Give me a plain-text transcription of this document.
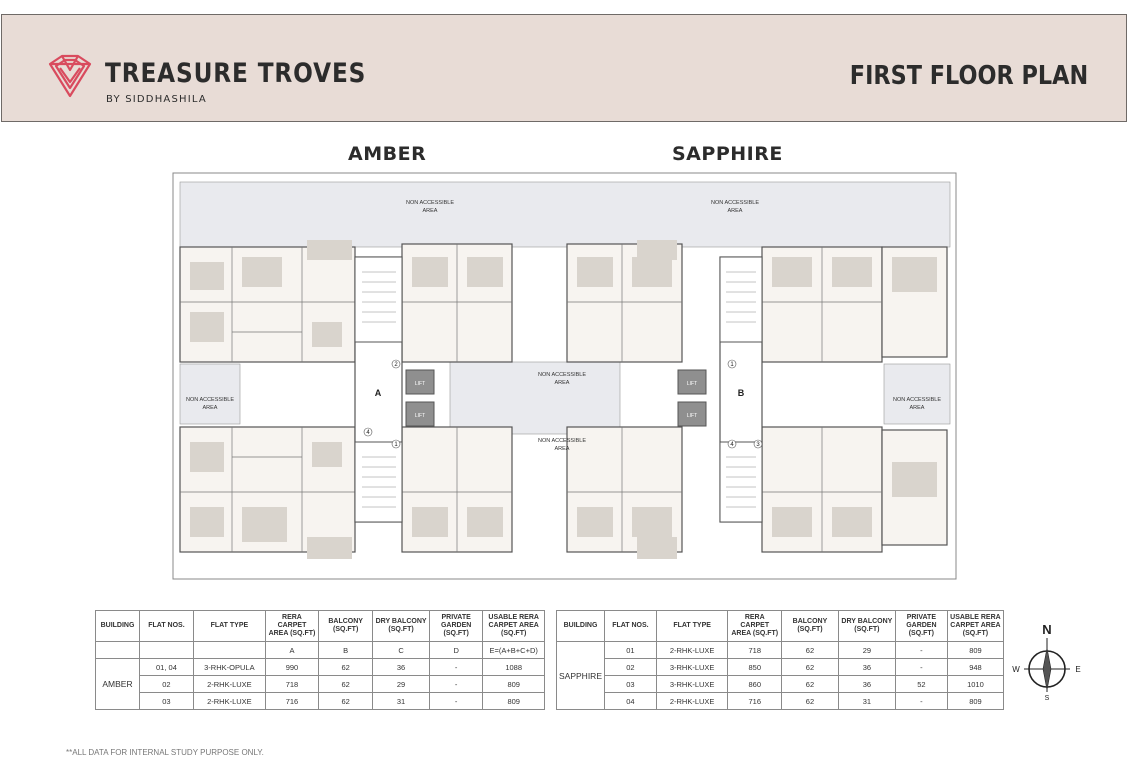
TREASURE TROVES
BY SIDDHASHILA
FIRST FLOOR PLAN
AMBER	SAPPHIRE
NON ACCESSIBLE
AREA
NON ACCESSIBLE
AREA
NON ACCESSIBLE
AREA
NON ACCESSIBLE
AREA
NON ACCESSIBLE
AREA
NON ACCESSIBLE
AREA
LIFT
LIFT
LIFT
LIFT
A	B
2
4
1
1
4	3
BUILDING	FLAT NOS.	FLAT TYPE	RERA CARPET AREA (SQ.FT)	BALCONY (SQ.FT)	DRY BALCONY (SQ.FT)	PRIVATE GARDEN (SQ.FT)	USABLE RERA CARPET AREA (SQ.FT)
			A	B	C	D	E=(A+B+C+D)
AMBER	01, 04	3-RHK-OPULA	990	62	36	-	1088
	02	2-RHK-LUXE	718	62	29	-	809
	03	2-RHK-LUXE	716	62	31	-	809
BUILDING	FLAT NOS.	FLAT TYPE	RERA CARPET AREA (SQ.FT)	BALCONY (SQ.FT)	DRY BALCONY (SQ.FT)	PRIVATE GARDEN (SQ.FT)	USABLE RERA CARPET AREA (SQ.FT)
SAPPHIRE	01	2-RHK-LUXE	718	62	29	-	809
	02	3-RHK-LUXE	850	62	36	-	948
	03	3-RHK-LUXE	860	62	36	52	1010
	04	2-RHK-LUXE	716	62	31	-	809
N
W	E
S
**ALL DATA FOR INTERNAL STUDY PURPOSE ONLY.
